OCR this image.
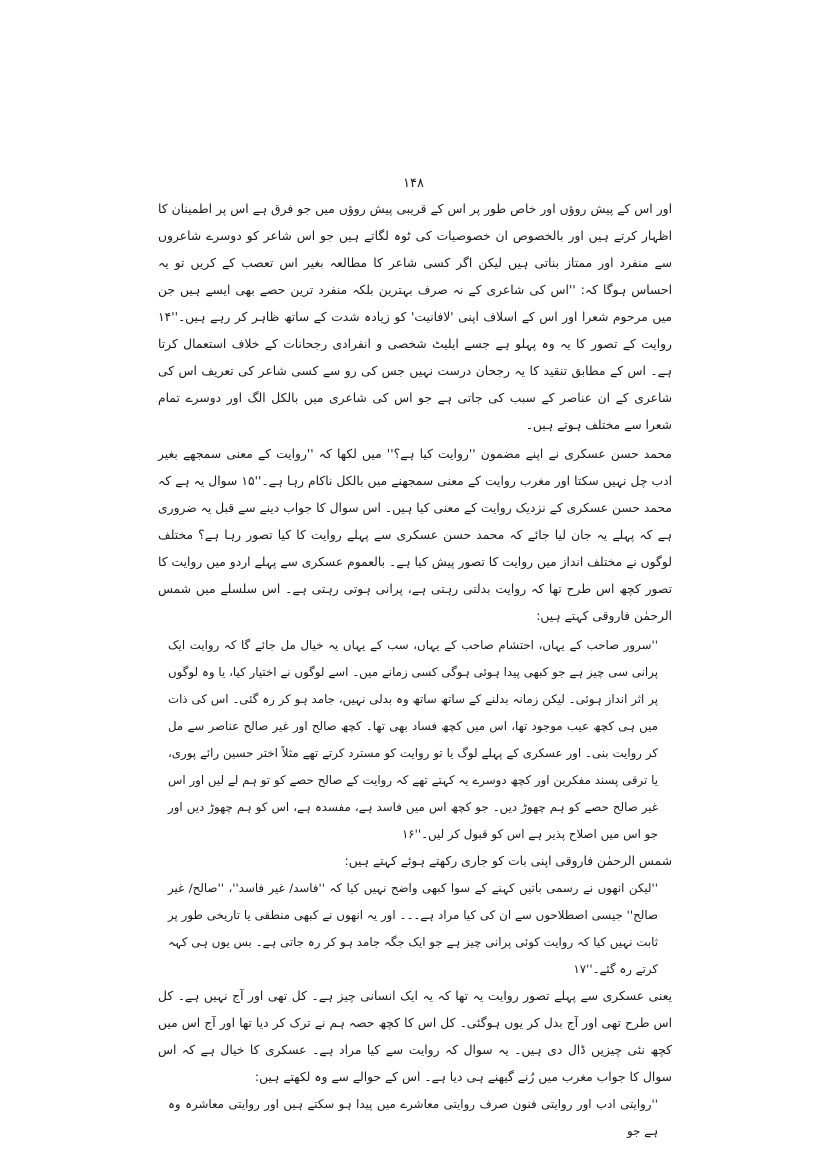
۱۴۸

اور اس کے پیش روؤں اور خاص طور پر اس کے قریبی پیش روؤں میں جو فرق ہے اس پر اطمینان کا اظہار کرتے ہیں اور بالخصوص ان خصوصیات کی ٹوہ لگاتے ہیں جو اس شاعر کو دوسرے شاعروں سے منفرد اور ممتاز بناتی ہیں لیکن اگر کسی شاعر کا مطالعہ بغیر اس تعصب کے کریں تو یہ احساس ہوگا کہ: ''اس کی شاعری کے نہ صرف بہترین بلکہ منفرد ترین حصے بھی ایسے ہیں جن میں مرحوم شعرا اور اس کے اسلاف اپنی 'لافانیت' کو زیادہ شدت کے ساتھ ظاہر کر رہے ہیں۔''۱۴ روایت کے تصور کا یہ وہ پہلو ہے جسے ایلیٹ شخصی و انفرادی رجحانات کے خلاف استعمال کرتا ہے۔ اس کے مطابق تنقید کا یہ رجحان درست نہیں جس کی رو سے کسی شاعر کی تعریف اس کی شاعری کے ان عناصر کے سبب کی جاتی ہے جو اس کی شاعری میں بالکل الگ اور دوسرے تمام شعرا سے مختلف ہوتے ہیں۔

محمد حسن عسکری نے اپنے مضمون ''روایت کیا ہے؟'' میں لکھا کہ ''روایت کے معنی سمجھے بغیر ادب چل نہیں سکتا اور مغرب روایت کے معنی سمجھنے میں بالکل ناکام رہا ہے۔''۱۵ سوال یہ ہے کہ محمد حسن عسکری کے نزدیک روایت کے معنی کیا ہیں۔ اس سوال کا جواب دینے سے قبل یہ ضروری ہے کہ پہلے یہ جان لیا جائے کہ محمد حسن عسکری سے پہلے روایت کا کیا تصور رہا ہے؟ مختلف لوگوں نے مختلف انداز میں روایت کا تصور پیش کیا ہے۔ بالعموم عسکری سے پہلے اردو میں روایت کا تصور کچھ اس طرح تھا کہ روایت بدلتی رہتی ہے، پرانی ہوتی رہتی ہے۔ اس سلسلے میں شمس الرحمٰن فاروقی کہتے ہیں:

''سرور صاحب کے یہاں، احتشام صاحب کے یہاں، سب کے یہاں یہ خیال مل جائے گا کہ روایت ایک پرانی سی چیز ہے جو کبھی پیدا ہوئی ہوگی کسی زمانے میں۔ اسے لوگوں نے اختیار کیا، یا وہ لوگوں پر اثر انداز ہوئی۔ لیکن زمانہ بدلنے کے ساتھ ساتھ وہ بدلی نہیں، جامد ہو کر رہ گئی۔ اس کی ذات میں ہی کچھ عیب موجود تھا، اس میں کچھ فساد بھی تھا۔ کچھ صالح اور غیر صالح عناصر سے مل کر روایت بنی۔ اور عسکری کے پہلے لوگ یا تو روایت کو مسترد کرتے تھے مثلاً اختر حسین رائے پوری، یا ترقی پسند مفکرین اور کچھ دوسرے یہ کہتے تھے کہ روایت کے صالح حصے کو تو ہم لے لیں اور اس غیر صالح حصے کو ہم چھوڑ دیں۔ جو کچھ اس میں فاسد ہے، مفسدہ ہے، اس کو ہم چھوڑ دیں اور جو اس میں اصلاح پذیر ہے اس کو قبول کر لیں۔''۱۶

شمس الرحمٰن فاروقی اپنی بات کو جاری رکھتے ہوئے کہتے ہیں:

''لیکن انھوں نے رسمی باتیں کہنے کے سوا کبھی واضح نہیں کیا کہ ''فاسد/ غیر فاسد''، ''صالح/ غیر صالح'' جیسی اصطلاحوں سے ان کی کیا مراد ہے۔۔۔ اور یہ انھوں نے کبھی منطقی یا تاریخی طور پر ثابت نہیں کیا کہ روایت کوئی پرانی چیز ہے جو ایک جگہ جامد ہو کر رہ جاتی ہے۔ بس یوں ہی کہہ کرتے رہ گئے۔''۱۷

یعنی عسکری سے پہلے تصور روایت یہ تھا کہ یہ ایک انسانی چیز ہے۔ کل تھی اور آج نہیں ہے۔ کل اس طرح تھی اور آج بدل کر یوں ہوگئی۔ کل اس کا کچھ حصہ ہم نے ترک کر دیا تھا اور آج اس میں کچھ نئی چیزیں ڈال دی ہیں۔ یہ سوال کہ روایت سے کیا مراد ہے۔ عسکری کا خیال ہے کہ اس سوال کا جواب مغرب میں رُنے گیھنے ہی دیا ہے۔ اس کے حوالے سے وہ لکھتے ہیں:

''روایتی ادب اور روایتی فنون صرف روایتی معاشرے میں پیدا ہو سکتے ہیں اور روایتی معاشرہ وہ ہے جو
